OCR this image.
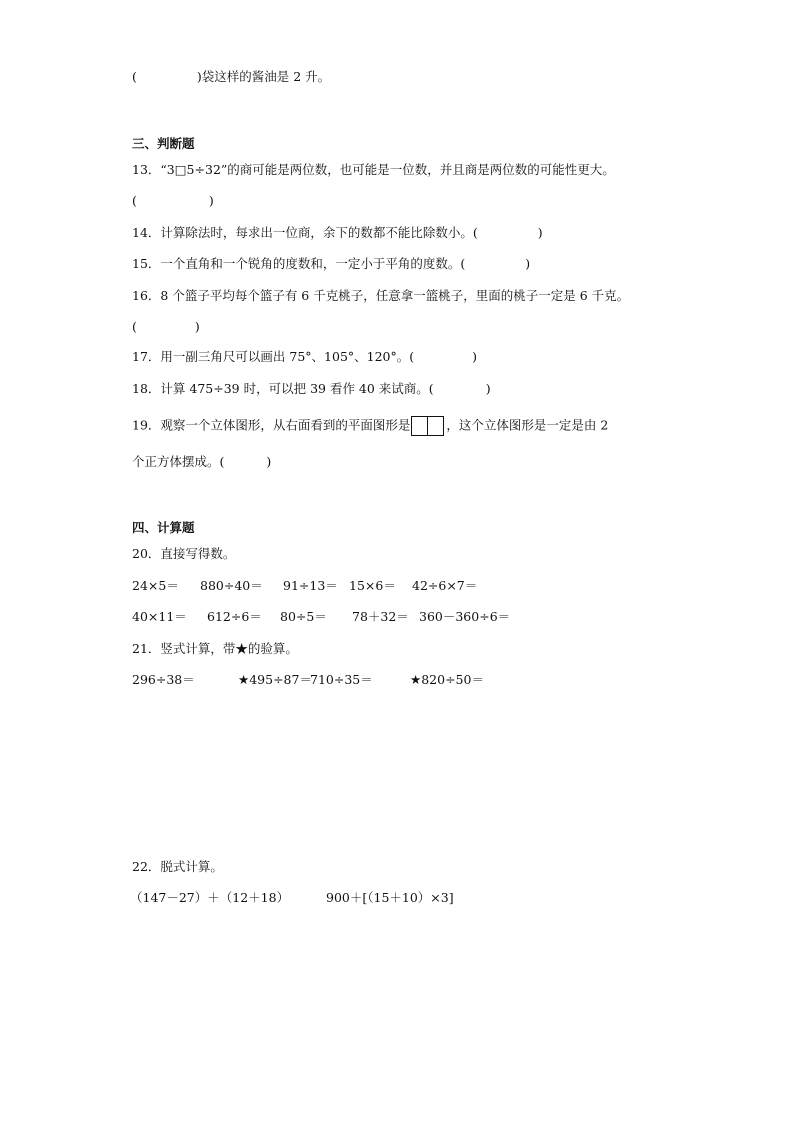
(	)袋这样的酱油是 2 升。
三、判断题
13．“3□5÷32”的商可能是两位数，也可能是一位数，并且商是两位数的可能性更大。
(	)
14．计算除法时，每求出一位商，余下的数都不能比除数小。(	)
15．一个直角和一个锐角的度数和，一定小于平角的度数。(	)
16．8 个篮子平均每个篮子有 6 千克桃子，任意拿一篮桃子，里面的桃子一定是 6 千克。
(	)
17．用一副三角尺可以画出 75°、105°、120°。(	)
18．计算 475÷39 时，可以把 39 看作 40 来试商。(	)
19．观察一个立体图形，从右面看到的平面图形是	，这个立体图形是一定是由 2
个正方体摆成。(	)
四、计算题
20．直接写得数。
24×5＝ 880÷40＝ 91÷13＝ 15×6＝ 42÷6×7＝
40×11＝ 612÷6＝ 80÷5＝ 78＋32＝ 360－360÷6＝
21．竖式计算，带★的验算。
296÷38＝	★495÷87＝
710÷35＝	★820÷50＝
22．脱式计算。
（147－27）＋（12＋18）	900＋[（15＋10）×3]
